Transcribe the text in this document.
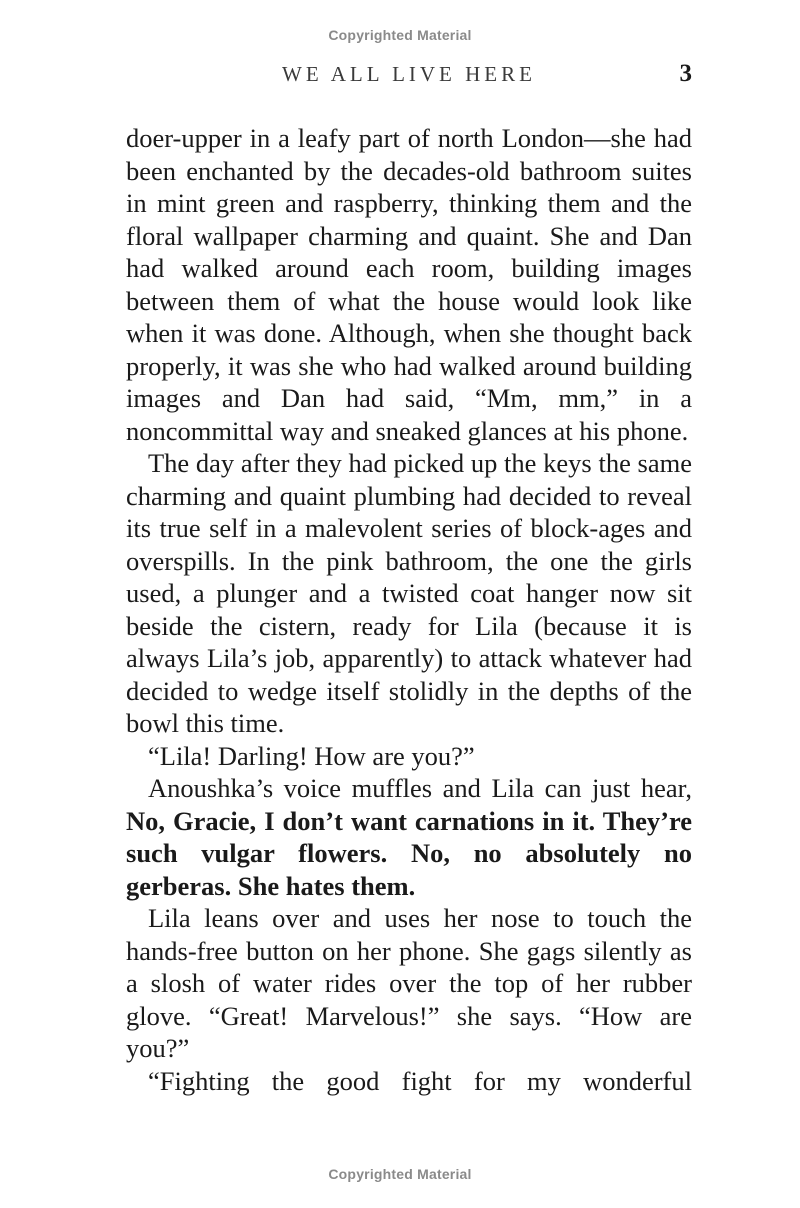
Copyrighted Material
WE ALL LIVE HERE	3

doer-upper in a leafy part of north London—she had been enchanted by the decades-old bathroom suites in mint green and raspberry, thinking them and the floral wallpaper charming and quaint. She and Dan had walked around each room, building images between them of what the house would look like when it was done. Although, when she thought back properly, it was she who had walked around building images and Dan had said, “Mm, mm,” in a noncommittal way and sneaked glances at his phone.

The day after they had picked up the keys the same charming and quaint plumbing had decided to reveal its true self in a malevolent series of block-ages and overspills. In the pink bathroom, the one the girls used, a plunger and a twisted coat hanger now sit beside the cistern, ready for Lila (because it is always Lila’s job, apparently) to attack whatever had decided to wedge itself stolidly in the depths of the bowl this time.

“Lila! Darling! How are you?”

Anoushka’s voice muffles and Lila can just hear, No, Gracie, I don’t want carnations in it. They’re such vulgar flowers. No, no absolutely no gerberas. She hates them.

Lila leans over and uses her nose to touch the hands-free button on her phone. She gags silently as a slosh of water rides over the top of her rubber glove. “Great! Marvelous!” she says. “How are you?”

“Fighting the good fight for my wonderful

Copyrighted Material
